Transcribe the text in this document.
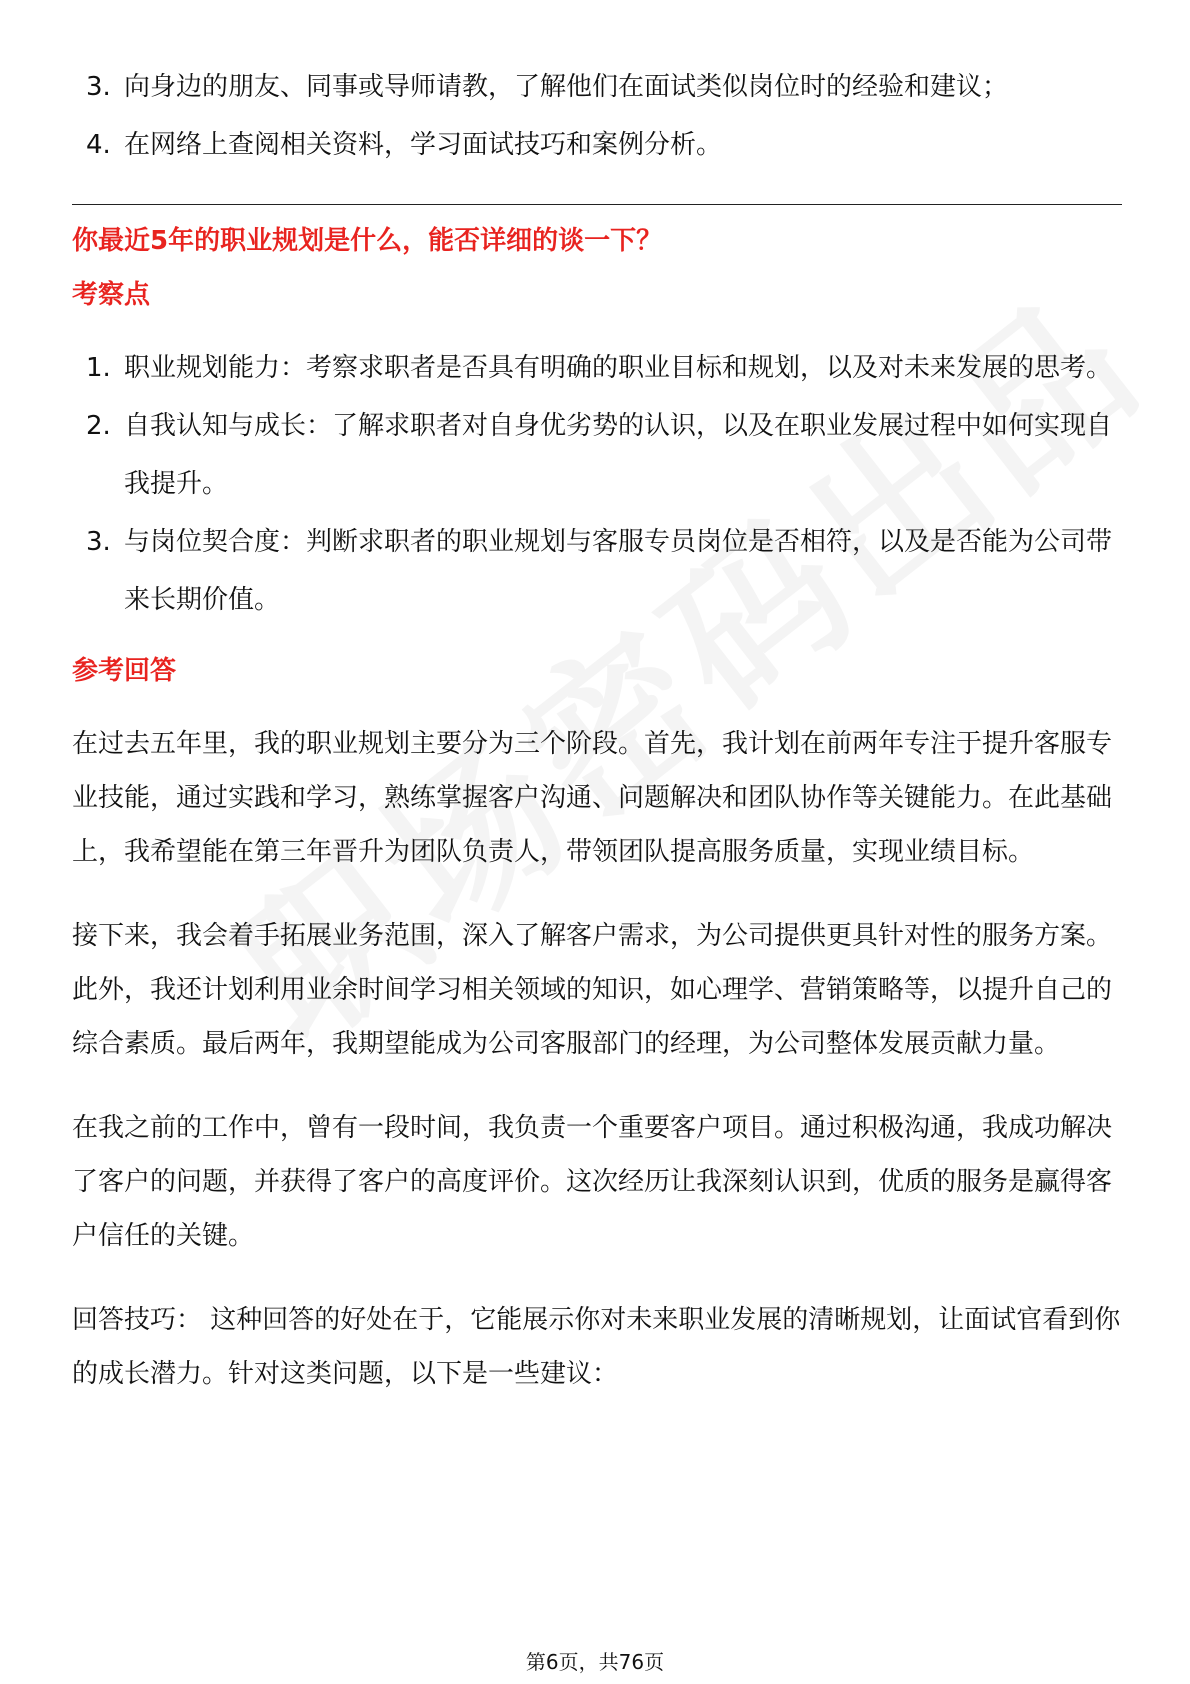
3. 向身边的朋友、同事或导师请教，了解他们在面试类似岗位时的经验和建议；
4. 在网络上查阅相关资料，学习面试技巧和案例分析。
你最近5年的职业规划是什么，能否详细的谈一下？
考察点
1. 职业规划能力：考察求职者是否具有明确的职业目标和规划，以及对未来发展的思考。
2. 自我认知与成长：了解求职者对自身优劣势的认识，以及在职业发展过程中如何实现自我提升。
3. 与岗位契合度：判断求职者的职业规划与客服专员岗位是否相符，以及是否能为公司带来长期价值。
参考回答

在过去五年里，我的职业规划主要分为三个阶段。首先，我计划在前两年专注于提升客服专业技能，通过实践和学习，熟练掌握客户沟通、问题解决和团队协作等关键能力。在此基础上，我希望能在第三年晋升为团队负责人，带领团队提高服务质量，实现业绩目标。

接下来，我会着手拓展业务范围，深入了解客户需求，为公司提供更具针对性的服务方案。此外，我还计划利用业余时间学习相关领域的知识，如心理学、营销策略等，以提升自己的综合素质。最后两年，我期望能成为公司客服部门的经理，为公司整体发展贡献力量。

在我之前的工作中，曾有一段时间，我负责一个重要客户项目。通过积极沟通，我成功解决了客户的问题，并获得了客户的高度评价。这次经历让我深刻认识到，优质的服务是赢得客户信任的关键。

回答技巧： 这种回答的好处在于，它能展示你对未来职业发展的清晰规划，让面试官看到你的成长潜力。针对这类问题，以下是一些建议：

第6页，共76页
